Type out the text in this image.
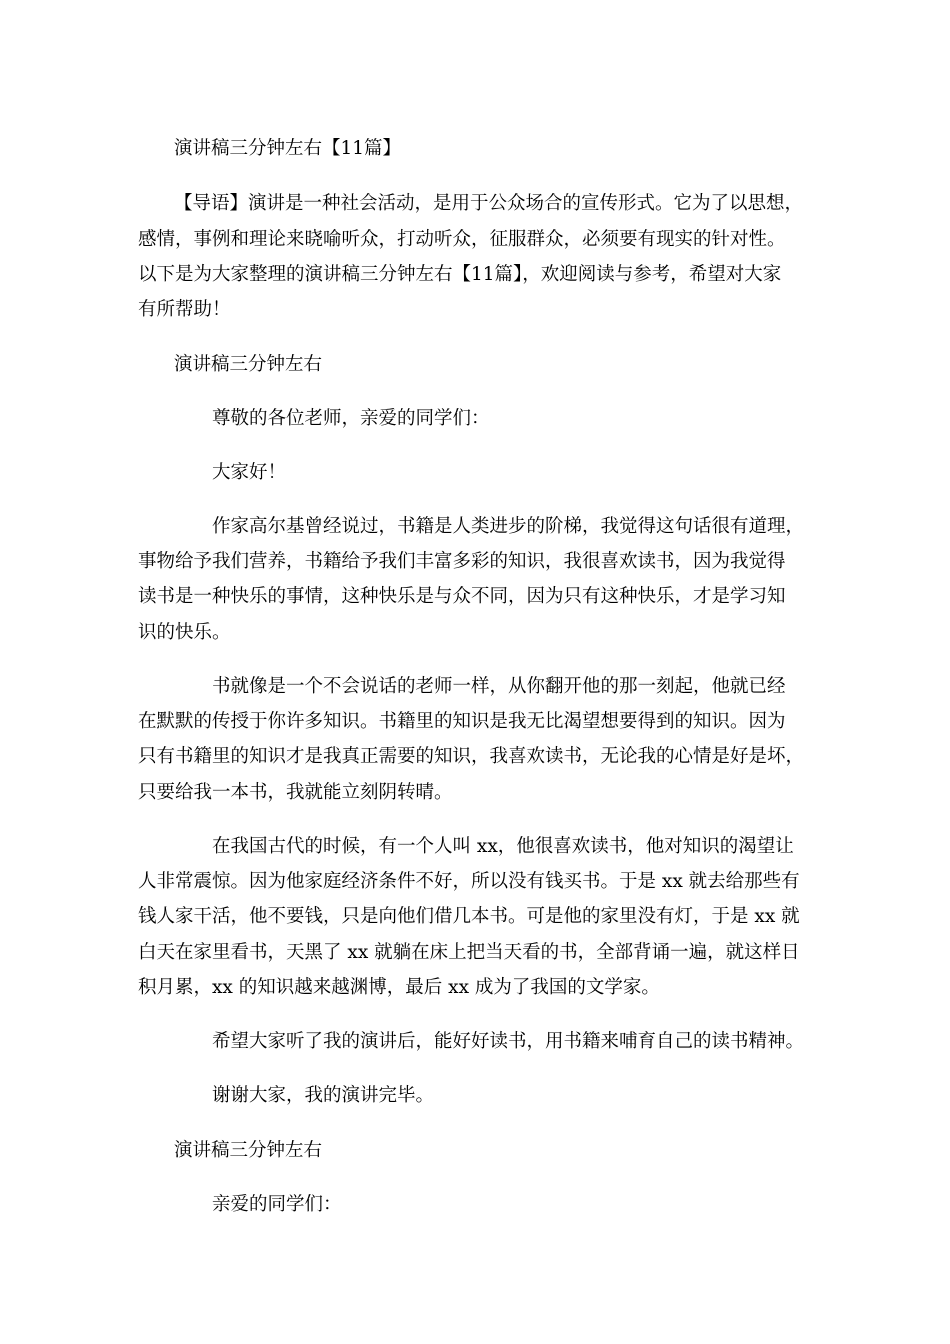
演讲稿三分钟左右【11篇】
【导语】演讲是一种社会活动，是用于公众场合的宣传形式。它为了以思想，
感情，事例和理论来晓喻听众，打动听众，征服群众，必须要有现实的针对性。
以下是为大家整理的演讲稿三分钟左右【11篇】，欢迎阅读与参考，希望对大家
有所帮助！
演讲稿三分钟左右
尊敬的各位老师，亲爱的同学们：
大家好！
作家高尔基曾经说过，书籍是人类进步的阶梯，我觉得这句话很有道理，
事物给予我们营养，书籍给予我们丰富多彩的知识，我很喜欢读书，因为我觉得
读书是一种快乐的事情，这种快乐是与众不同，因为只有这种快乐，才是学习知
识的快乐。
书就像是一个不会说话的老师一样，从你翻开他的那一刻起，他就已经
在默默的传授于你许多知识。书籍里的知识是我无比渴望想要得到的知识。因为
只有书籍里的知识才是我真正需要的知识，我喜欢读书，无论我的心情是好是坏，
只要给我一本书，我就能立刻阴转晴。
在我国古代的时候，有一个人叫 xx，他很喜欢读书，他对知识的渴望让
人非常震惊。因为他家庭经济条件不好，所以没有钱买书。于是 xx 就去给那些有
钱人家干活，他不要钱，只是向他们借几本书。可是他的家里没有灯，于是 xx 就
白天在家里看书，天黑了 xx 就躺在床上把当天看的书，全部背诵一遍，就这样日
积月累，xx 的知识越来越渊博，最后 xx 成为了我国的文学家。
希望大家听了我的演讲后，能好好读书，用书籍来哺育自己的读书精神。
谢谢大家，我的演讲完毕。
演讲稿三分钟左右
亲爱的同学们：
